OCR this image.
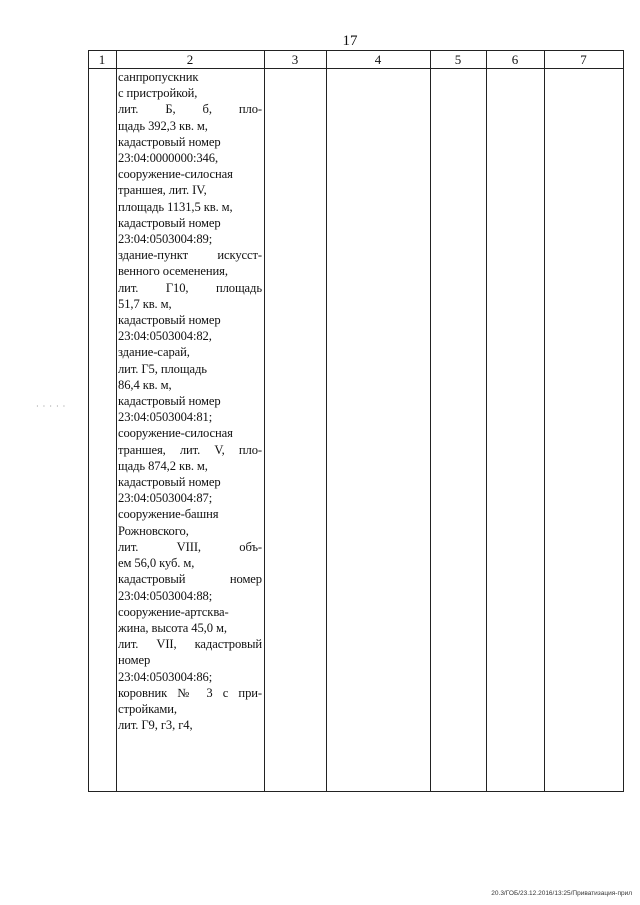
17
· · · · ·
1	2	3	4	5	6	7
санпропускник
с пристройкой,
лит. Б, б, пло-
щадь 392,3 кв. м,
кадастровый номер
23:04:0000000:346,
сооружение-силосная
траншея, лит. IV,
площадь 1131,5 кв. м,
кадастровый номер
23:04:0503004:89;
здание-пункт искусст-
венного осеменения,
лит. Г10, площадь
51,7 кв. м,
кадастровый номер
23:04:0503004:82,
здание-сарай,
лит. Г5, площадь
86,4 кв. м,
кадастровый номер
23:04:0503004:81;
сооружение-силосная
траншея, лит. V, пло-
щадь 874,2 кв. м,
кадастровый номер
23:04:0503004:87;
сооружение-башня
Рожновского,
лит. VIII, объ-
ем 56,0 куб. м,
кадастровый номер
23:04:0503004:88;
сооружение-артсква-
жина, высота 45,0 м,
лит. VII, кадастровый
номер
23:04:0503004:86;
коровник № 3 с при-
стройками,
лит. Г9, г3, г4,
20.3/ГОБ/23.12.2016/13:25/Приватизация-прил
